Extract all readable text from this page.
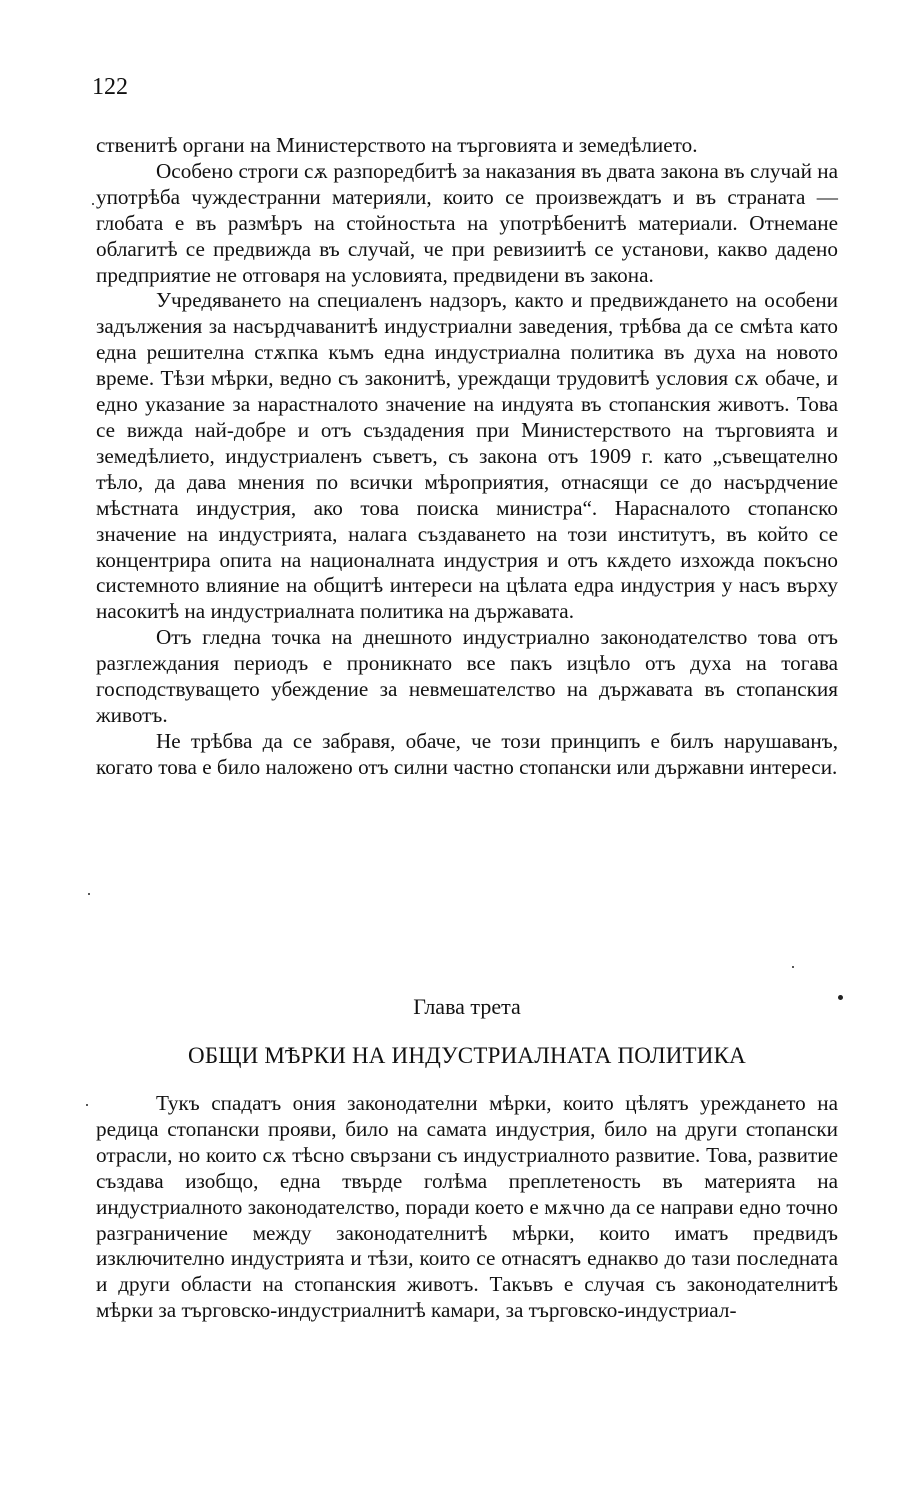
122

ственитѣ органи на Министерството на търговията и земедѣлието.

Особено строги сѫ разпоредбитѣ за наказания въ двата закона въ случай на употрѣба чуждестранни материяли, които се произвеждатъ и въ страната — глобата е въ размѣръ на стойностьта на употрѣбенитѣ материали. Отнемане облагитѣ се предвижда въ случай, че при ревизиитѣ се установи, какво дадено предприятие не отговаря на условията, предвидени въ закона.

Учредяването на специаленъ надзоръ, както и предвиждането на особени задължения за насърдчаванитѣ индустриални заведения, трѣбва да се смѣта като една решителна стѫпка къмъ една индустриална политика въ духа на новото време. Тѣзи мѣрки, ведно съ законитѣ, уреждащи трудовитѣ условия сѫ обаче, и едно указание за нарастналото значение на индуята въ стопанския животъ. Това се вижда най-добре и отъ създадения при Министерството на търговията и земедѣлието, индустриаленъ съветъ, съ закона отъ 1909 г. като „съвещателно тѣло, да дава мнения по всички мѣроприятия, отнасящи се до насърдчение мѣстната индустрия, ако това поиска министра“. Нарасналото стопанско значение на индустрията, налага създаването на този институтъ, въ който се концентрира опита на националната индустрия и отъ кѫдето изхожда покъсно системното влияние на общитѣ интереси на цѣлата едра индустрия у насъ върху насокитѣ на индустриалната политика на държавата.

Отъ гледна точка на днешното индустриално законодателство това отъ разглеждания периодъ е проникнато все пакъ изцѣло отъ духа на тогава господствуващето убеждение за невмешателство на държавата въ стопанския животъ.

Не трѣбва да се забравя, обаче, че този принципъ е билъ нарушаванъ, когато това е било наложено отъ силни частно стопански или държавни интереси.

Глава трета
ОБЩИ МѢРКИ НА ИНДУСТРИАЛНАТА ПОЛИТИКА

Тукъ спадатъ ония законодателни мѣрки, които цѣлятъ уреждането на редица стопански прояви, било на самата индустрия, било на други стопански отрасли, но които сѫ тѣсно свързани съ индустриалното развитие. Това, развитие създава изобщо, една твърде голѣма преплетеность въ материята на индустриалното законодателство, поради което е мѫчно да се направи едно точно разграничение между законодателнитѣ мѣрки, които иматъ предвидъ изключително индустрията и тѣзи, които се отнасятъ еднакво до тази последната и други области на стопанския животъ. Такъвъ е случая съ законодателнитѣ мѣрки за търговско-индустриалнитѣ камари, за търговско-индустриал-
